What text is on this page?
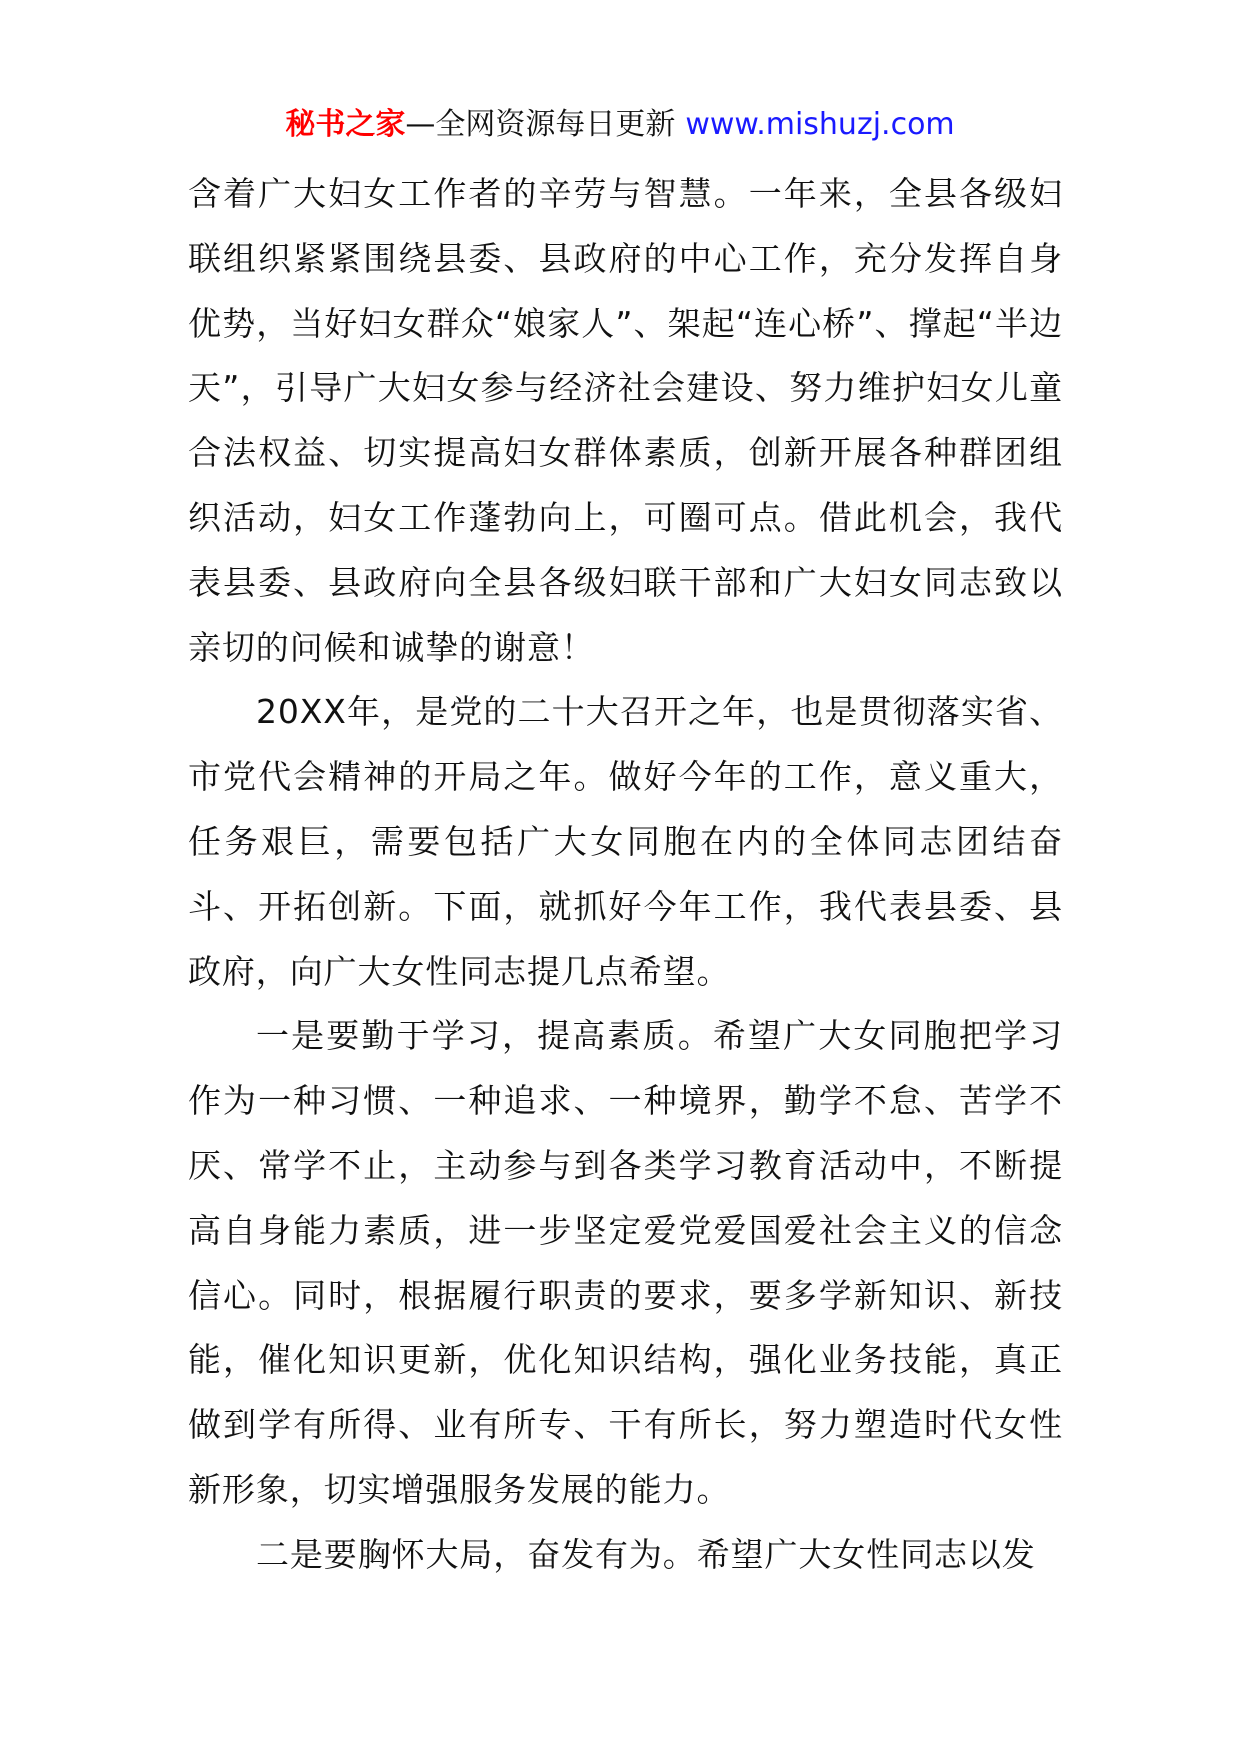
秘书之家—全网资源每日更新 www.mishuzj.com

含着广大妇女工作者的辛劳与智慧。一年来，全县各级妇联组织紧紧围绕县委、县政府的中心工作，充分发挥自身优势，当好妇女群众“娘家人”、架起“连心桥”、撑起“半边天”，引导广大妇女参与经济社会建设、努力维护妇女儿童合法权益、切实提高妇女群体素质，创新开展各种群团组织活动，妇女工作蓬勃向上，可圈可点。借此机会，我代表县委、县政府向全县各级妇联干部和广大妇女同志致以亲切的问候和诚挚的谢意！

20XX年，是党的二十大召开之年，也是贯彻落实省、市党代会精神的开局之年。做好今年的工作，意义重大，任务艰巨，需要包括广大女同胞在内的全体同志团结奋斗、开拓创新。下面，就抓好今年工作，我代表县委、县政府，向广大女性同志提几点希望。

一是要勤于学习，提高素质。希望广大女同胞把学习作为一种习惯、一种追求、一种境界，勤学不怠、苦学不厌、常学不止，主动参与到各类学习教育活动中，不断提高自身能力素质，进一步坚定爱党爱国爱社会主义的信念信心。同时，根据履行职责的要求，要多学新知识、新技能，催化知识更新，优化知识结构，强化业务技能，真正做到学有所得、业有所专、干有所长，努力塑造时代女性新形象，切实增强服务发展的能力。

二是要胸怀大局，奋发有为。希望广大女性同志以发
